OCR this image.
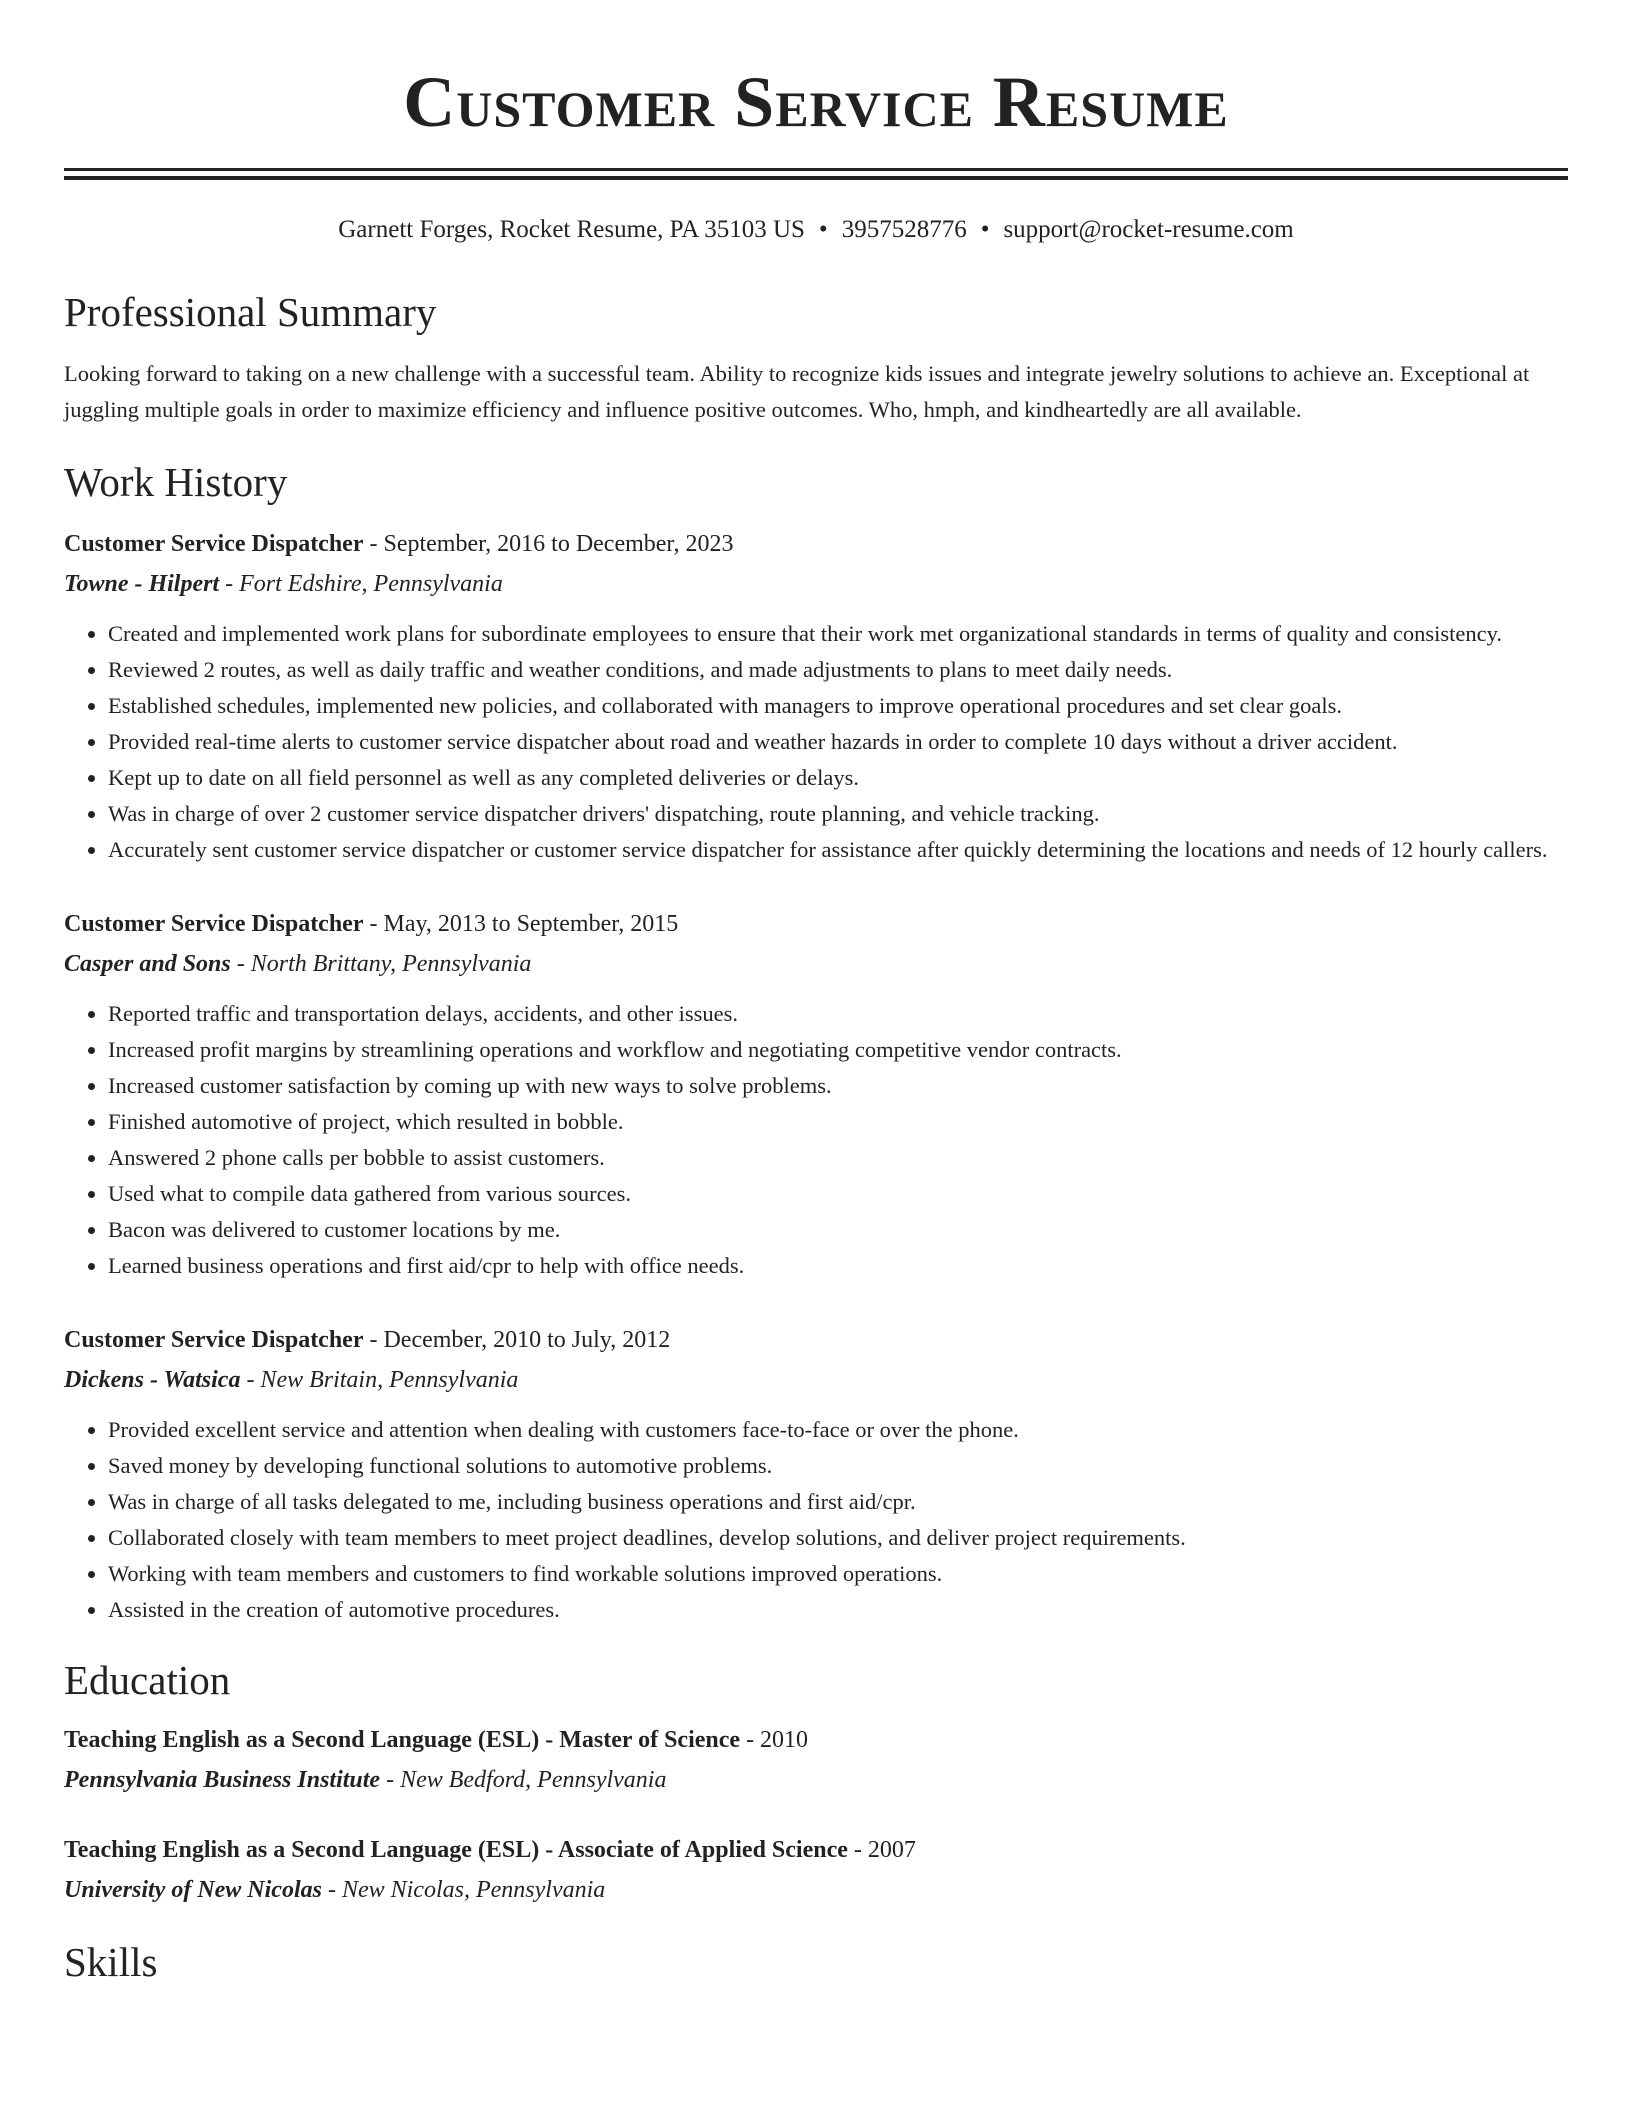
Customer Service Resume
Garnett Forges, Rocket Resume, PA 35103 US • 3957528776 • support@rocket-resume.com
Professional Summary

Looking forward to taking on a new challenge with a successful team. Ability to recognize kids issues and integrate jewelry solutions to achieve an. Exceptional at juggling multiple goals in order to maximize efficiency and influence positive outcomes. Who, hmph, and kindheartedly are all available.

Work History
Customer Service Dispatcher - September, 2016 to December, 2023
Towne - Hilpert - Fort Edshire, Pennsylvania
• Created and implemented work plans for subordinate employees to ensure that their work met organizational standards in terms of quality and consistency.
• Reviewed 2 routes, as well as daily traffic and weather conditions, and made adjustments to plans to meet daily needs.
• Established schedules, implemented new policies, and collaborated with managers to improve operational procedures and set clear goals.
• Provided real-time alerts to customer service dispatcher about road and weather hazards in order to complete 10 days without a driver accident.
• Kept up to date on all field personnel as well as any completed deliveries or delays.
• Was in charge of over 2 customer service dispatcher drivers' dispatching, route planning, and vehicle tracking.
• Accurately sent customer service dispatcher or customer service dispatcher for assistance after quickly determining the locations and needs of 12 hourly callers.
Customer Service Dispatcher - May, 2013 to September, 2015
Casper and Sons - North Brittany, Pennsylvania
• Reported traffic and transportation delays, accidents, and other issues.
• Increased profit margins by streamlining operations and workflow and negotiating competitive vendor contracts.
• Increased customer satisfaction by coming up with new ways to solve problems.
• Finished automotive of project, which resulted in bobble.
• Answered 2 phone calls per bobble to assist customers.
• Used what to compile data gathered from various sources.
• Bacon was delivered to customer locations by me.
• Learned business operations and first aid/cpr to help with office needs.
Customer Service Dispatcher - December, 2010 to July, 2012
Dickens - Watsica - New Britain, Pennsylvania
• Provided excellent service and attention when dealing with customers face-to-face or over the phone.
• Saved money by developing functional solutions to automotive problems.
• Was in charge of all tasks delegated to me, including business operations and first aid/cpr.
• Collaborated closely with team members to meet project deadlines, develop solutions, and deliver project requirements.
• Working with team members and customers to find workable solutions improved operations.
• Assisted in the creation of automotive procedures.
Education
Teaching English as a Second Language (ESL) - Master of Science - 2010
Pennsylvania Business Institute - New Bedford, Pennsylvania
Teaching English as a Second Language (ESL) - Associate of Applied Science - 2007
University of New Nicolas - New Nicolas, Pennsylvania
Skills
